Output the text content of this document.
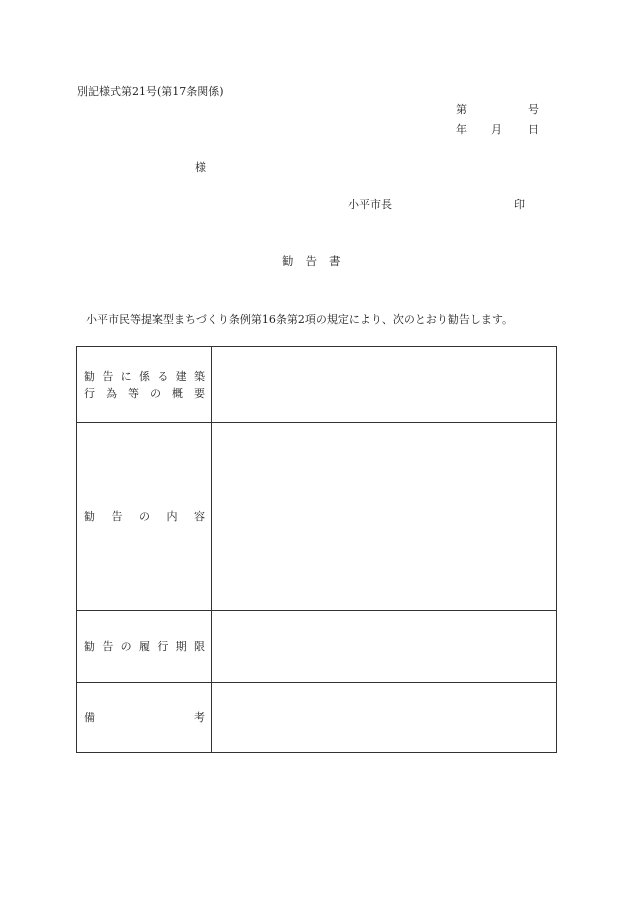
別記様式第21号(第17条関係)
第	号
年 月 日
様
小平市長	印
勧告書
小平市民等提案型まちづくり条例第16条第2項の規定により、次のとおり勧告します。
勧告に係る建築
行為等の概要	

勧告の内容	

勧告の履行期限	

備考	
